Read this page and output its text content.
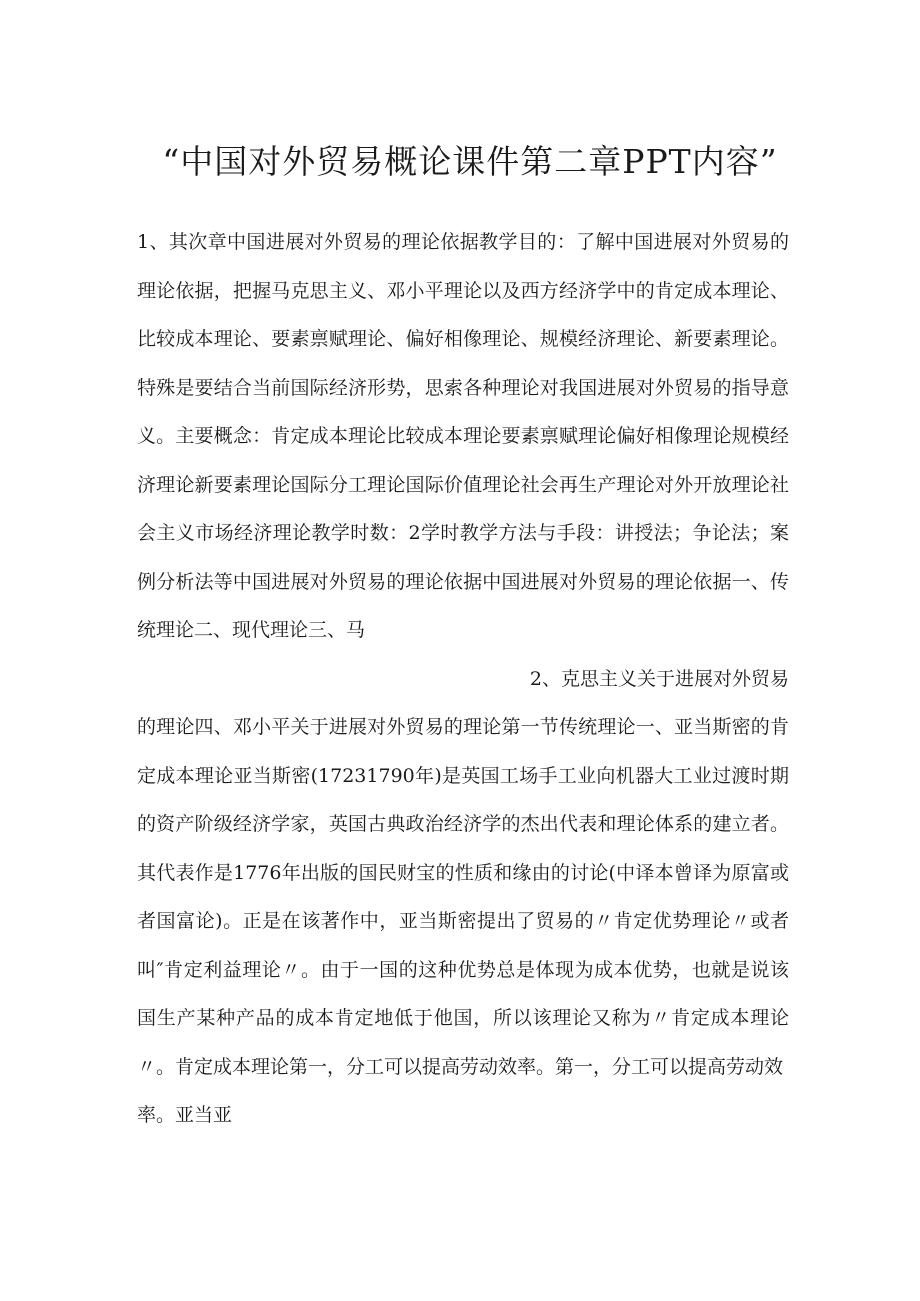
“中国对外贸易概论课件第二章PPT内容”

1、其次章中国进展对外贸易的理论依据教学目的：了解中国进展对外贸易的理论依据，把握马克思主义、邓小平理论以及西方经济学中的肯定成本理论、比较成本理论、要素禀赋理论、偏好相像理论、规模经济理论、新要素理论。特殊是要结合当前国际经济形势，思索各种理论对我国进展对外贸易的指导意义。主要概念：肯定成本理论比较成本理论要素禀赋理论偏好相像理论规模经济理论新要素理论国际分工理论国际价值理论社会再生产理论对外开放理论社会主义市场经济理论教学时数：2学时教学方法与手段：讲授法；争论法；案例分析法等中国进展对外贸易的理论依据中国进展对外贸易的理论依据一、传统理论二、现代理论三、马

2、克思主义关于进展对外贸易

的理论四、邓小平关于进展对外贸易的理论第一节传统理论一、亚当斯密的肯定成本理论亚当斯密(17231790年)是英国工场手工业向机器大工业过渡时期的资产阶级经济学家，英国古典政治经济学的杰出代表和理论体系的建立者。其代表作是1776年出版的国民财宝的性质和缘由的讨论(中译本曾译为原富或者国富论)。正是在该著作中，亚当斯密提出了贸易的〃肯定优势理论〃或者叫″肯定利益理论〃。由于一国的这种优势总是体现为成本优势，也就是说该国生产某种产品的成本肯定地低于他国，所以该理论又称为〃肯定成本理论〃。肯定成本理论第一，分工可以提高劳动效率。第一，分工可以提高劳动效

率。亚当亚
